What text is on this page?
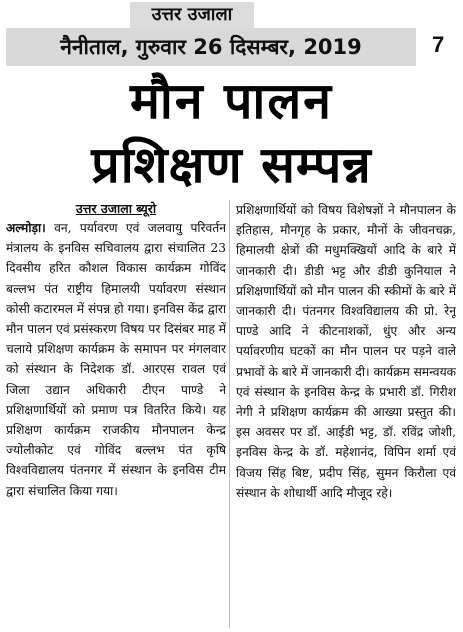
उत्तर उजाला
नैनीताल, गुरुवार 26 दिसम्बर, 2019	7
मौन पालन
प्रशिक्षण सम्पन्न
उत्तर उजाला ब्यूरो

अल्मोड़ा। वन, पर्यावरण एवं जलवायु परिवर्तन मंत्रालय के इनविस सचिवालय द्वारा संचालित 23 दिवसीय हरित कौशल विकास कार्यक्रम गोविंद बल्लभ पंत राष्ट्रीय हिमालयी पर्यावरण संस्थान कोसी कटारमल में संपन्न हो गया। इनविस केंद्र द्वारा मौन पालन एवं प्रसंस्करण विषय पर दिसंबर माह में चलाये प्रशिक्षण कार्यक्रम के समापन पर मंगलवार को संस्थान के निदेशक डॉ. आरएस रावल एवं जिला उद्यान अधिकारी टीएन पाण्डे ने प्रशिक्षणार्थियों को प्रमाण पत्र वितरित किये। यह प्रशिक्षण कार्यक्रम राजकीय मौनपालन केन्द्र ज्योलीकोट एवं गोविंद बल्लभ पंत कृषि विश्वविद्यालय पंतनगर में संस्थान के इनविस टीम द्वारा संचालित किया गया।

प्रशिक्षणार्थियों को विषय विशेषज्ञों ने मौनपालन के इतिहास, मौनगृह के प्रकार, मौनों के जीवनचक्र, हिमालयी क्षेत्रों की मधुमक्खियों आदि के बारे में जानकारी दी। डीडी भट्ट और डीडी कुनियाल ने प्रशिक्षणार्थियों को मौन पालन की स्कीमों के बारे में जानकारी दी। पंतनगर विश्वविद्यालय की प्रो. रेनू पाण्डे आदि ने कीटनाशकों, धुंए और अन्य पर्यावरणीय घटकों का मौन पालन पर पड़ने वाले प्रभावों के बारे में जानकारी दी। कार्यक्रम समन्वयक एवं संस्थान के इनविस केन्द्र के प्रभारी डॉ. गिरीश नेगी ने प्रशिक्षण कार्यक्रम की आख्या प्रस्तुत की। इस अवसर पर डॉ. आईडी भट्ट, डॉ. रविंद्र जोशी, इनविस केन्द्र के डॉ. महेशानंद, विपिन शर्मा एवं विजय सिंह बिष्ट, प्रदीप सिंह, सुमन किरौला एवं संस्थान के शोधार्थी आदि मौजूद रहे।
